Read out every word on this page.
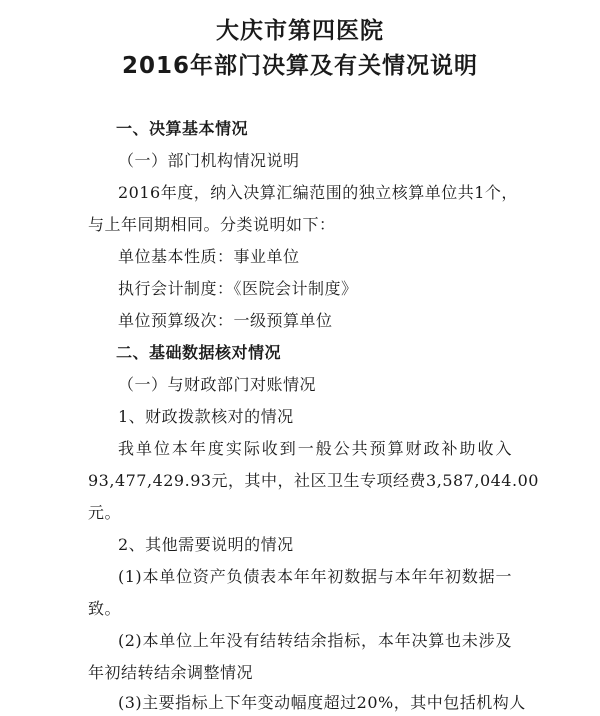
大庆市第四医院
2016年部门决算及有关情况说明
一、决算基本情况
（一）部门机构情况说明
2016年度，纳入决算汇编范围的独立核算单位共1个，
与上年同期相同。分类说明如下：
单位基本性质：事业单位
执行会计制度：《医院会计制度》
单位预算级次：一级预算单位
二、基础数据核对情况
（一）与财政部门对账情况
1、财政拨款核对的情况
我单位本年度实际收到一般公共预算财政补助收入
93,477,429.93元，其中，社区卫生专项经费3,587,044.00
元。
2、其他需要说明的情况
(1)本单位资产负债表本年年初数据与本年年初数据一
致。
(2)本单位上年没有结转结余指标，本年决算也未涉及
年初结转结余调整情况
(3)主要指标上下年变动幅度超过20%，其中包括机构人
